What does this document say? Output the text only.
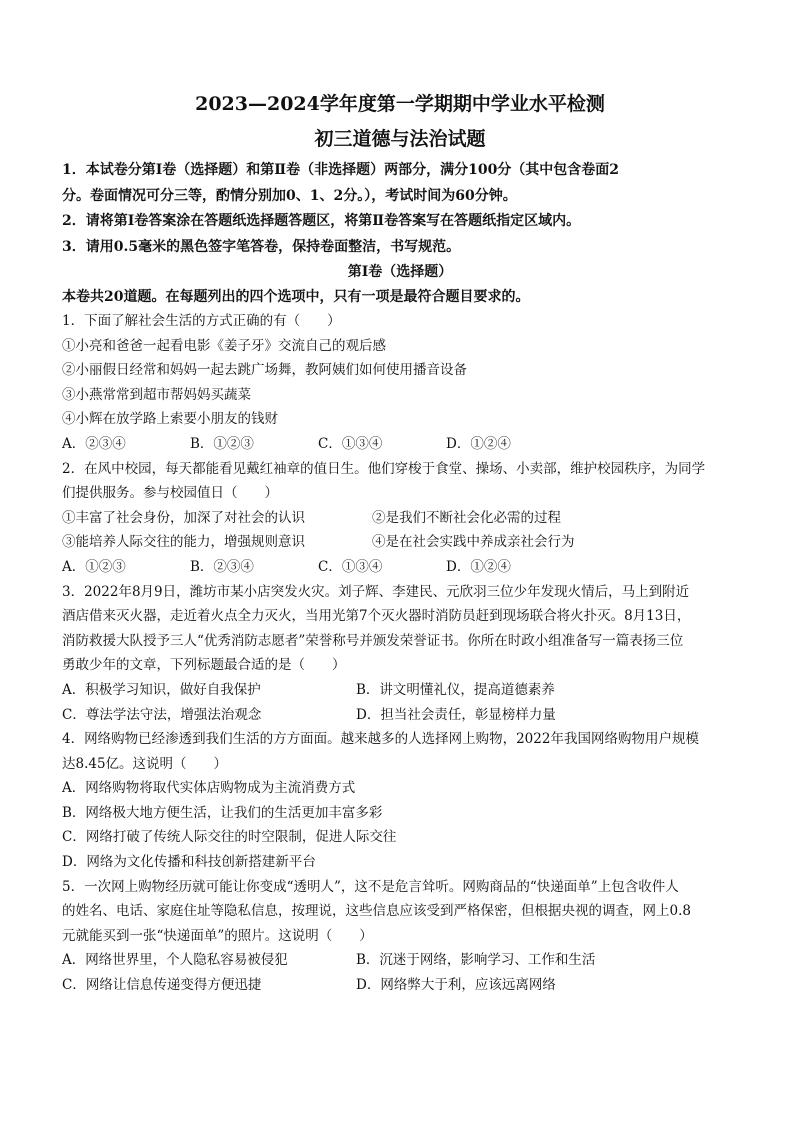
2023—2024学年度第一学期期中学业水平检测
初三道德与法治试题

1．本试卷分第Ⅰ卷（选择题）和第Ⅱ卷（非选择题）两部分，满分100分（其中包含卷面2

分。卷面情况可分三等，酌情分别加0、1、2分。），考试时间为60分钟。

2．请将第Ⅰ卷答案涂在答题纸选择题答题区，将第Ⅱ卷答案写在答题纸指定区域内。

3．请用0.5毫米的黑色签字笔答卷，保持卷面整洁，书写规范。

第Ⅰ卷（选择题）
本卷共20道题。在每题列出的四个选项中，只有一项是最符合题目要求的。
1．下面了解社会生活的方式正确的有（　　）
①小亮和爸爸一起看电影《姜子牙》交流自己的观后感
②小丽假日经常和妈妈一起去跳广场舞，教阿姨们如何使用播音设备
③小燕常常到超市帮妈妈买蔬菜
④小辉在放学路上索要小朋友的钱财
A．②③④	B．①②③	C．①③④	D．①②④
2．在风中校园，每天都能看见戴红袖章的值日生。他们穿梭于食堂、操场、小卖部，维护校园秩序，为同学
们提供服务。参与校园值日（　　）
①丰富了社会身份，加深了对社会的认识	②是我们不断社会化必需的过程
③能培养人际交往的能力，增强规则意识	④是在社会实践中养成亲社会行为
A．①②③	B．②③④	C．①③④	D．①②④
3．2022年8月9日，潍坊市某小店突发火灾。刘子辉、李建民、元欣羽三位少年发现火情后，马上到附近
酒店借来灭火器，走近着火点全力灭火，当用光第7个灭火器时消防员赶到现场联合将火扑灭。8月13日，
消防救援大队授予三人“优秀消防志愿者”荣誉称号并颁发荣誉证书。你所在时政小组准备写一篇表扬三位
勇敢少年的文章，下列标题最合适的是（　　）
A．积极学习知识，做好自我保护	B．讲文明懂礼仪，提高道德素养
C．尊法学法守法，增强法治观念	D．担当社会责任，彰显榜样力量
4．网络购物已经渗透到我们生活的方方面面。越来越多的人选择网上购物，2022年我国网络购物用户规模
达8.45亿。这说明（　　）
A．网络购物将取代实体店购物成为主流消费方式
B．网络极大地方便生活，让我们的生活更加丰富多彩
C．网络打破了传统人际交往的时空限制，促进人际交往
D．网络为文化传播和科技创新搭建新平台
5．一次网上购物经历就可能让你变成“透明人”，这不是危言耸听。网购商品的“快递面单”上包含收件人
的姓名、电话、家庭住址等隐私信息，按理说，这些信息应该受到严格保密，但根据央视的调查，网上0.8
元就能买到一张“快递面单”的照片。这说明（　　）
A．网络世界里，个人隐私容易被侵犯	B．沉迷于网络，影响学习、工作和生活
C．网络让信息传递变得方便迅捷	D．网络弊大于利，应该远离网络
